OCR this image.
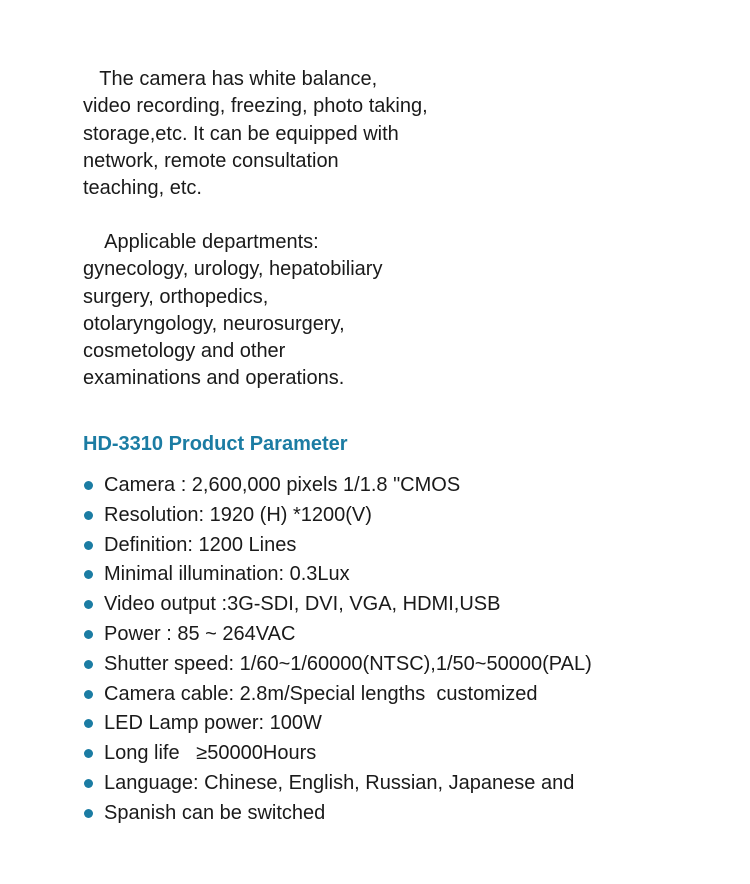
The camera has white balance,
video recording, freezing, photo taking,
storage,etc. It can be equipped with
network, remote consultation
teaching, etc.

Applicable departments:
gynecology, urology, hepatobiliary
surgery, orthopedics,
otolaryngology, neurosurgery,
cosmetology and other
examinations and operations.

HD-3310 Product Parameter
Camera : 2,600,000 pixels 1/1.8 "CMOS
Resolution: 1920 (H) *1200(V)
Definition: 1200 Lines
Minimal illumination: 0.3Lux
Video output :3G-SDI, DVI, VGA, HDMI,USB
Power : 85 ~ 264VAC
Shutter speed: 1/60~1/60000(NTSC),1/50~50000(PAL)
Camera cable: 2.8m/Special lengths  customized
LED Lamp power: 100W
Long life   ≥50000Hours
Language: Chinese, English, Russian, Japanese and
Spanish can be switched
